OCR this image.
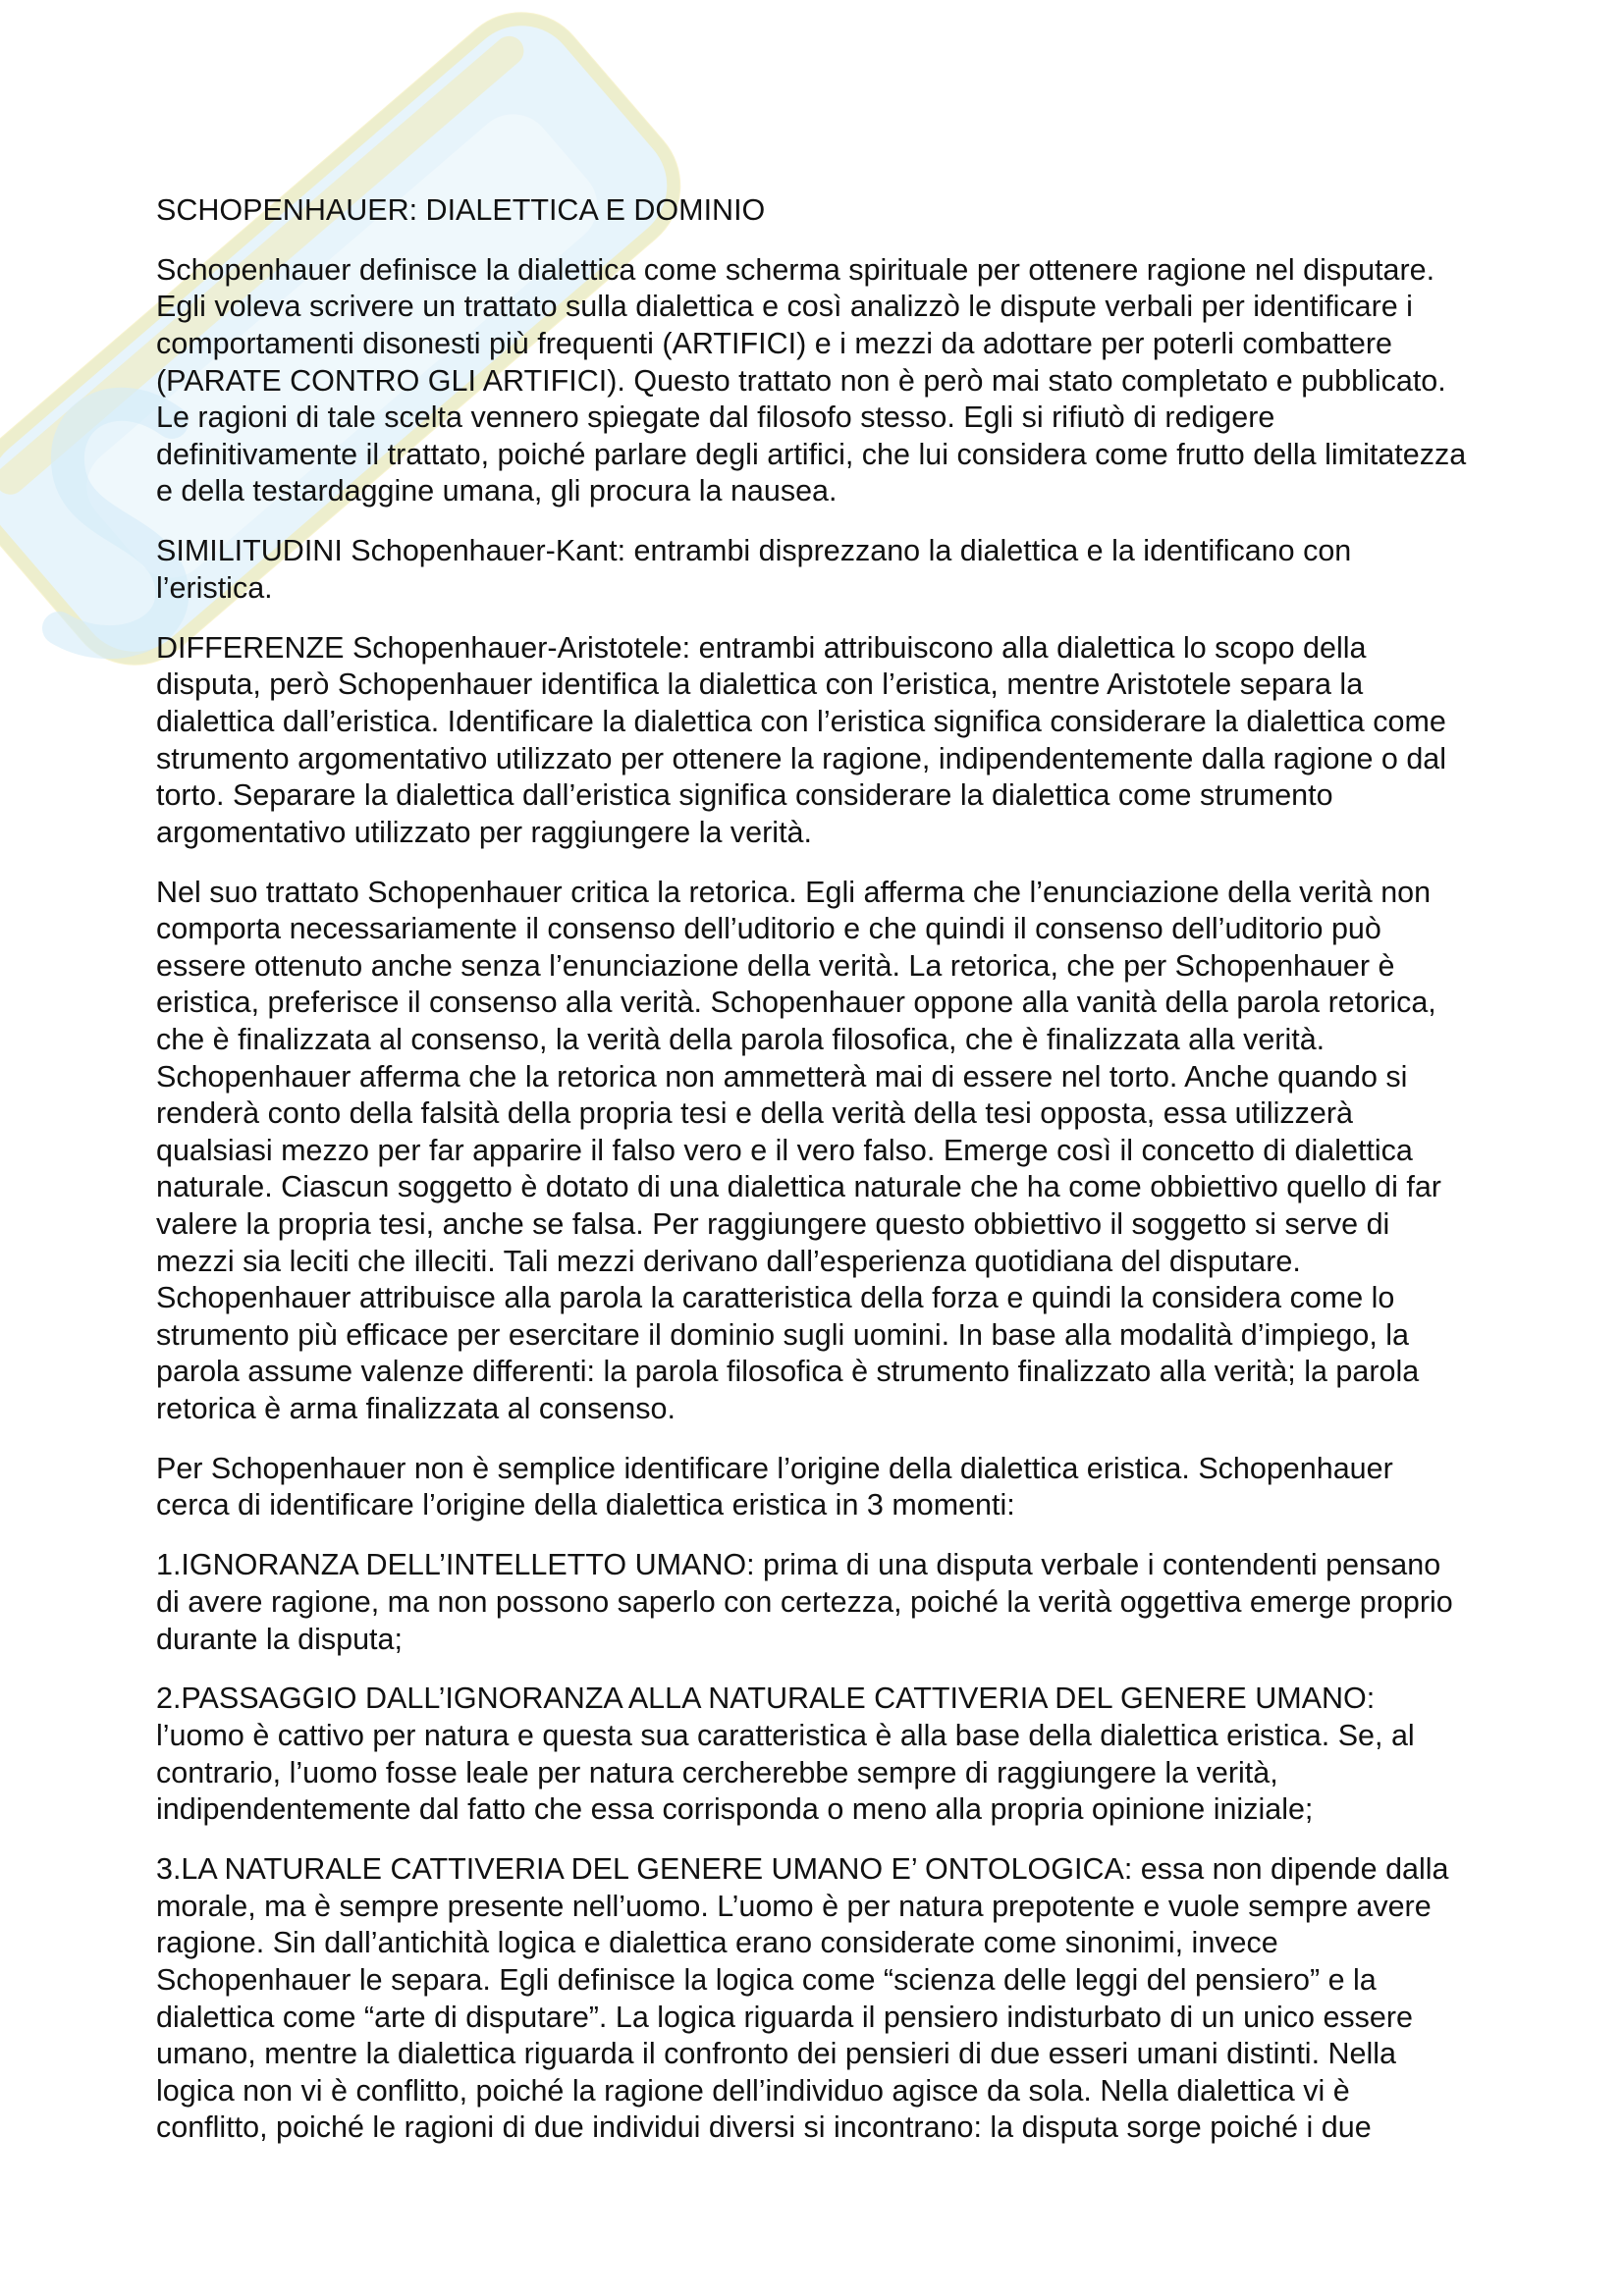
SCHOPENHAUER: DIALETTICA E DOMINIO
Schopenhauer definisce la dialettica come scherma spirituale per ottenere ragione nel disputare.
Egli voleva scrivere un trattato sulla dialettica e così analizzò le dispute verbali per identificare i
comportamenti disonesti più frequenti (ARTIFICI) e i mezzi da adottare per poterli combattere
(PARATE CONTRO GLI ARTIFICI). Questo trattato non è però mai stato completato e pubblicato.
Le ragioni di tale scelta vennero spiegate dal filosofo stesso. Egli si rifiutò di redigere
definitivamente il trattato, poiché parlare degli artifici, che lui considera come frutto della limitatezza
e della testardaggine umana, gli procura la nausea.
SIMILITUDINI Schopenhauer-Kant: entrambi disprezzano la dialettica e la identificano con
l’eristica.
DIFFERENZE Schopenhauer-Aristotele: entrambi attribuiscono alla dialettica lo scopo della
disputa, però Schopenhauer identifica la dialettica con l’eristica, mentre Aristotele separa la
dialettica dall’eristica. Identificare la dialettica con l’eristica significa considerare la dialettica come
strumento argomentativo utilizzato per ottenere la ragione, indipendentemente dalla ragione o dal
torto. Separare la dialettica dall’eristica significa considerare la dialettica come strumento
argomentativo utilizzato per raggiungere la verità.
Nel suo trattato Schopenhauer critica la retorica. Egli afferma che l’enunciazione della verità non
comporta necessariamente il consenso dell’uditorio e che quindi il consenso dell’uditorio può
essere ottenuto anche senza l’enunciazione della verità. La retorica, che per Schopenhauer è
eristica, preferisce il consenso alla verità. Schopenhauer oppone alla vanità della parola retorica,
che è finalizzata al consenso, la verità della parola filosofica, che è finalizzata alla verità.
Schopenhauer afferma che la retorica non ammetterà mai di essere nel torto. Anche quando si
renderà conto della falsità della propria tesi e della verità della tesi opposta, essa utilizzerà
qualsiasi mezzo per far apparire il falso vero e il vero falso. Emerge così il concetto di dialettica
naturale. Ciascun soggetto è dotato di una dialettica naturale che ha come obbiettivo quello di far
valere la propria tesi, anche se falsa. Per raggiungere questo obbiettivo il soggetto si serve di
mezzi sia leciti che illeciti. Tali mezzi derivano dall’esperienza quotidiana del disputare.
Schopenhauer attribuisce alla parola la caratteristica della forza e quindi la considera come lo
strumento più efficace per esercitare il dominio sugli uomini. In base alla modalità d’impiego, la
parola assume valenze differenti: la parola filosofica è strumento finalizzato alla verità; la parola
retorica è arma finalizzata al consenso.
Per Schopenhauer non è semplice identificare l’origine della dialettica eristica. Schopenhauer
cerca di identificare l’origine della dialettica eristica in 3 momenti:
1.IGNORANZA DELL’INTELLETTO UMANO: prima di una disputa verbale i contendenti pensano
di avere ragione, ma non possono saperlo con certezza, poiché la verità oggettiva emerge proprio
durante la disputa;
2.PASSAGGIO DALL’IGNORANZA ALLA NATURALE CATTIVERIA DEL GENERE UMANO:
l’uomo è cattivo per natura e questa sua caratteristica è alla base della dialettica eristica. Se, al
contrario, l’uomo fosse leale per natura cercherebbe sempre di raggiungere la verità,
indipendentemente dal fatto che essa corrisponda o meno alla propria opinione iniziale;
3.LA NATURALE CATTIVERIA DEL GENERE UMANO E’ ONTOLOGICA: essa non dipende dalla
morale, ma è sempre presente nell’uomo. L’uomo è per natura prepotente e vuole sempre avere
ragione. Sin dall’antichità logica e dialettica erano considerate come sinonimi, invece
Schopenhauer le separa. Egli definisce la logica come “scienza delle leggi del pensiero” e la
dialettica come “arte di disputare”. La logica riguarda il pensiero indisturbato di un unico essere
umano, mentre la dialettica riguarda il confronto dei pensieri di due esseri umani distinti. Nella
logica non vi è conflitto, poiché la ragione dell’individuo agisce da sola. Nella dialettica vi è
conflitto, poiché le ragioni di due individui diversi si incontrano: la disputa sorge poiché i due
